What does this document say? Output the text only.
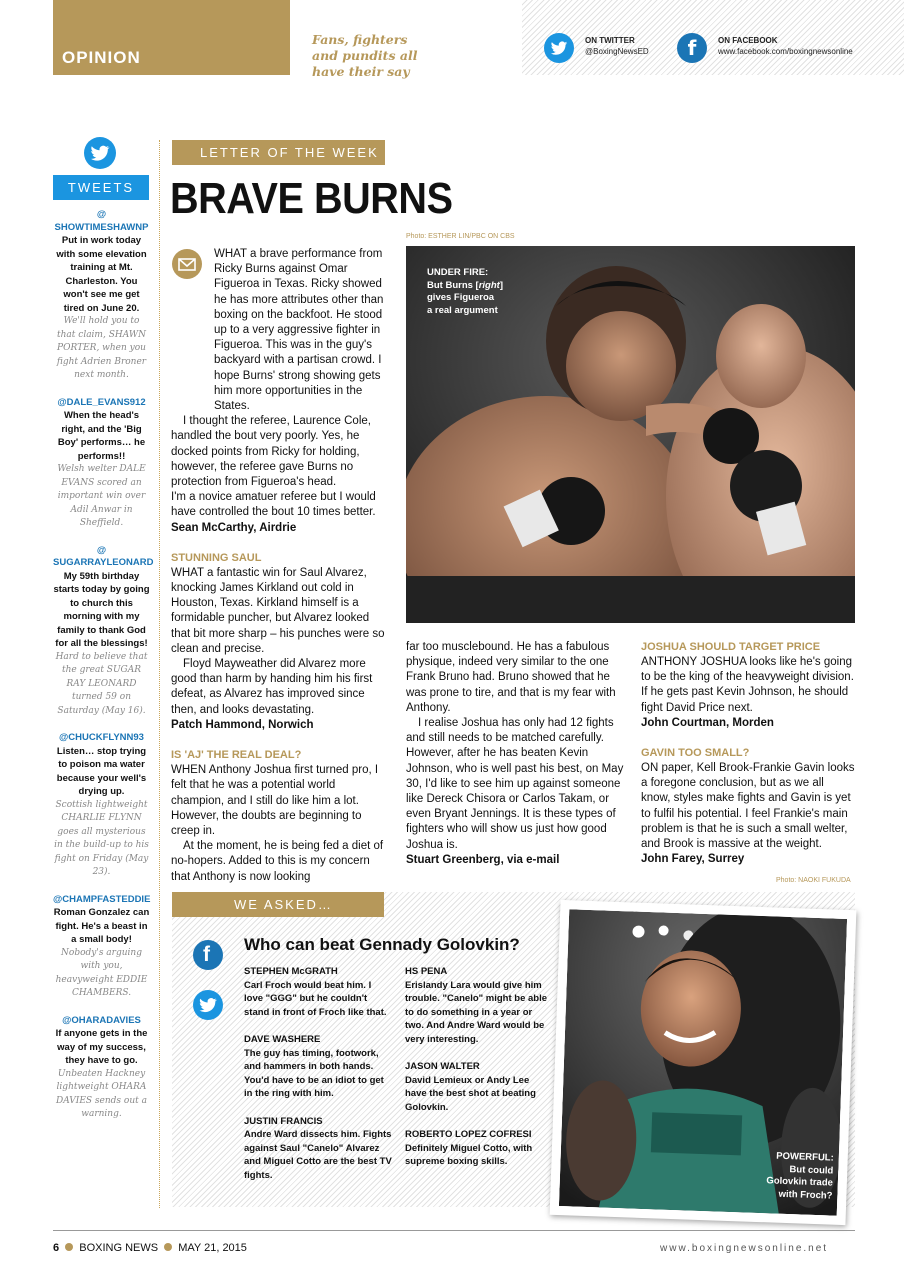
OPINION
Fans, fighters
and pundits all
have their say
ON TWITTER
@BoxingNewsED f	ON FACEBOOK
www.facebook.com/boxingnewsonline
TWEETS
@ SHOWTIMESHAWNP
Put in work today with some elevation training at Mt. Charleston. You won't see me get tired on June 20.
We'll hold you to that claim, SHAWN PORTER, when you fight Adrien Broner next month.
@DALE_EVANS912
When the head's right, and the 'Big Boy' performs… he performs!!
Welsh welter DALE EVANS scored an important win over Adil Anwar in Sheffield.
@ SUGARRAYLEONARD
My 59th birthday starts today by going to church this morning with my family to thank God for all the blessings!
Hard to believe that the great SUGAR RAY LEONARD turned 59 on Saturday (May 16).
@CHUCKFLYNN93
Listen… stop trying to poison ma water because your well's drying up.
Scottish lightweight CHARLIE FLYNN goes all mysterious in the build-up to his fight on Friday (May 23).
@CHAMPFASTEDDIE
Roman Gonzalez can fight. He's a beast in a small body!
Nobody's arguing with you, heavyweight EDDIE CHAMBERS.
@OHARADAVIES
If anyone gets in the way of my success, they have to go.
Unbeaten Hackney lightweight OHARA DAVIES sends out a warning.
LETTER OF THE WEEK
BRAVE BURNS
Photo: ESTHER LIN/PBC ON CBS

WHAT a brave performance from Ricky Burns against Omar Figueroa in Texas. Ricky showed he has more attributes other than boxing on the backfoot. He stood up to a very aggressive fighter in Figueroa. This was in the guy's backyard with a partisan crowd. I hope Burns' strong showing gets him more opportunities in the States.

I thought the referee, Laurence Cole, handled the bout very poorly. Yes, he docked points from Ricky for holding, however, the referee gave Burns no protection from Figueroa's head.

I'm a novice amatuer referee but I would have controlled the bout 10 times better.

Sean McCarthy, Airdrie

STUNNING SAUL

WHAT a fantastic win for Saul Alvarez, knocking James Kirkland out cold in Houston, Texas. Kirkland himself is a formidable puncher, but Alvarez looked that bit more sharp – his punches were so clean and precise.

Floyd Mayweather did Alvarez more good than harm by handing him his first defeat, as Alvarez has improved since then, and looks devastating.

Patch Hammond, Norwich

IS 'AJ' THE REAL DEAL?

WHEN Anthony Joshua first turned pro, I felt that he was a potential world champion, and I still do like him a lot. However, the doubts are beginning to creep in.

At the moment, he is being fed a diet of no-hopers. Added to this is my concern that Anthony is now looking

UNDER FIRE:
But Burns [right]
gives Figueroa
a real argument

far too musclebound. He has a fabulous physique, indeed very similar to the one Frank Bruno had. Bruno showed that he was prone to tire, and that is my fear with Anthony.

I realise Joshua has only had 12 fights and still needs to be matched carefully. However, after he has beaten Kevin Johnson, who is well past his best, on May 30, I'd like to see him up against someone like Dereck Chisora or Carlos Takam, or even Bryant Jennings. It is these types of fighters who will show us just how good Joshua is.

Stuart Greenberg, via e-mail

JOSHUA SHOULD TARGET PRICE

ANTHONY JOSHUA looks like he's going to be the king of the heavyweight division. If he gets past Kevin Johnson, he should fight David Price next.

John Courtman, Morden

GAVIN TOO SMALL?

ON paper, Kell Brook-Frankie Gavin looks a foregone conclusion, but as we all know, styles make fights and Gavin is yet to fulfil his potential. I feel Frankie's main problem is that he is such a small welter, and Brook is massive at the weight.

John Farey, Surrey

Photo: NAOKI FUKUDA
WE ASKED…
f Who can beat Gennady Golovkin?
STEPHEN McGRATH
Carl Froch would beat him. I love "GGG" but he couldn't stand in front of Froch like that.
DAVE WASHERE
The guy has timing, footwork, and hammers in both hands. You'd have to be an idiot to get in the ring with him.
JUSTIN FRANCIS
Andre Ward dissects him. Fights against Saul "Canelo" Alvarez and Miguel Cotto are the best TV fights.
HS PENA
Erislandy Lara would give him trouble. "Canelo" might be able to do something in a year or two. And Andre Ward would be very interesting.
JASON WALTER
David Lemieux or Andy Lee have the best shot at beating Golovkin.
ROBERTO LOPEZ COFRESI
Definitely Miguel Cotto, with supreme boxing skills.	POWERFUL:
But could
Golovkin trade
with Froch?
6 BOXING NEWS MAY 21, 2015	www.boxingnewsonline.net
